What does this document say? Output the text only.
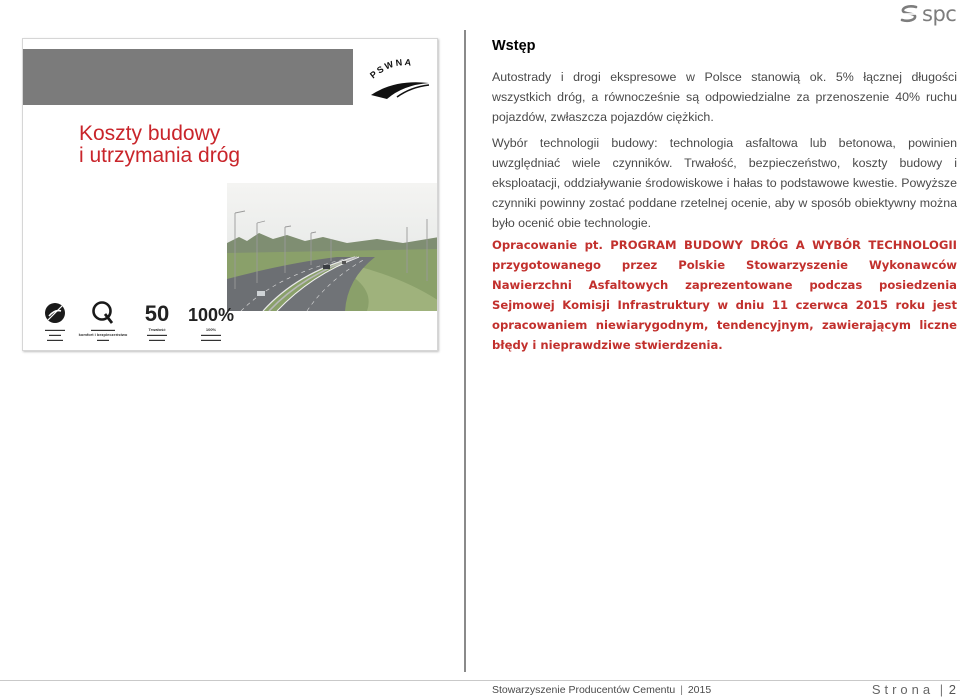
spc
PSWNA
Koszty budowy
i utrzymania dróg
▬▬▬▬▬
▬▬▬
▬▬▬▬
▬▬▬▬▬▬
komfort i bezpieczeństwo
▬▬▬
50
Trwałość
▬▬▬▬▬
▬▬▬▬
100%
100%
▬▬▬▬▬
▬▬▬▬▬
Wstęp

Autostrady i drogi ekspresowe w Polsce stanowią ok. 5% łącznej długości wszystkich dróg, a równocześnie są odpowiedzialne za przenoszenie 40% ruchu pojazdów, zwłaszcza pojazdów ciężkich.

Wybór technologii budowy: technologia asfaltowa lub betonowa, powinien uwzględniać wiele czynników. Trwałość, bezpieczeństwo, koszty budowy i eksploatacji, oddziaływanie środowiskowe i hałas to podstawowe kwestie. Powyższe czynniki powinny zostać poddane rzetelnej ocenie, aby w sposób obiektywny można było ocenić obie technologie.

Opracowanie pt. PROGRAM BUDOWY DRÓG A WYBÓR TECHNOLOGII przygotowanego przez Polskie Stowarzyszenie Wykonawców Nawierzchni Asfaltowych zaprezentowane podczas posiedzenia Sejmowej Komisji Infrastruktury w dniu 11 czerwca 2015 roku jest opracowaniem niewiarygodnym, tendencyjnym, zawierającym liczne błędy i nieprawdziwe stwierdzenia.

Stowarzyszenie Producentów Cementu | 2015	Strona | 2
